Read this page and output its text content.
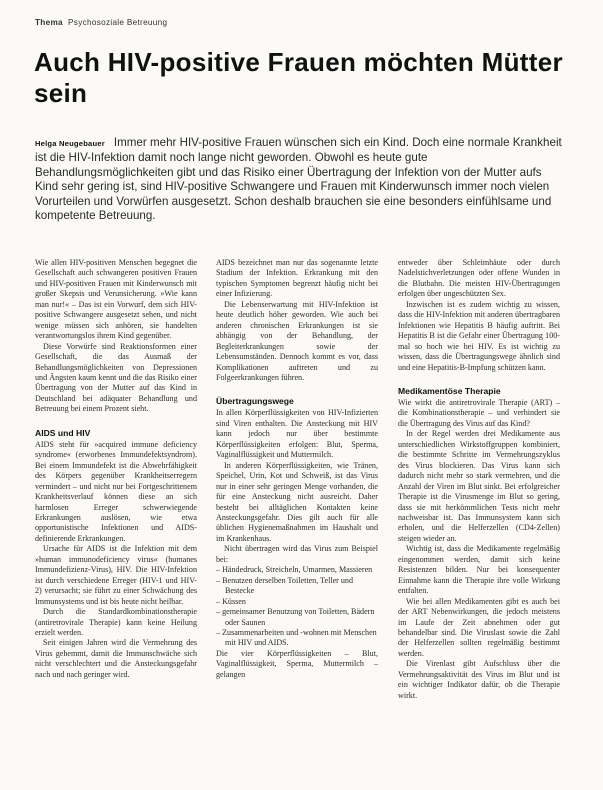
Thema Psychosoziale Betreuung
Auch HIV-positive Frauen möchten Mütter sein

Helga Neugebauer Immer mehr HIV-positive Frauen wünschen sich ein Kind. Doch eine normale Krankheit ist die HIV-Infektion damit noch lange nicht geworden. Obwohl es heute gute Behandlungsmöglichkeiten gibt und das Risiko einer Übertragung der Infektion von der Mutter aufs Kind sehr gering ist, sind HIV-positive Schwangere und Frauen mit Kinderwunsch immer noch vielen Vorurteilen und Vorwürfen ausgesetzt. Schon deshalb brauchen sie eine besonders einfühlsame und kompetente Betreuung.

Wie allen HIV-positiven Menschen begegnet die Gesellschaft auch schwangeren positiven Frauen und HIV-positiven Frauen mit Kinderwunsch mit großer Skepsis und Verunsicherung. »Wie kann man nur!« – Das ist ein Vorwurf, dem sich HIV-positive Schwangere ausgesetzt sehen, und nicht wenige müssen sich anhören, sie handelten verantwortungslos ihrem Kind gegenüber.

Diese Vorwürfe sind Reaktionsformen einer Gesellschaft, die das Ausmaß der Behandlungsmöglichkeiten von Depressionen und Ängsten kaum kennt und die das Risiko einer Übertragung von der Mutter auf das Kind in Deutschland bei adäquater Behandlung und Betreuung bei einem Prozent sieht.

AIDS und HIV

AIDS steht für »acquired immune deficiency syndrome« (erworbenes Immundefektsyndrom). Bei einem Immundefekt ist die Abwehrfähigkeit des Körpers gegenüber Krankheitserregern vermindert – und nicht nur bei Fortgeschrittenem Krankheitsverlauf können diese an sich harmlosen Erreger schwerwiegende Erkrankungen auslösen, wie etwa opportunistische Infektionen und AIDS-definierende Erkrankungen.

Ursache für AIDS ist die Infektion mit dem »human immunodeficiency virus« (humanes Immundefizienz-Virus), HIV. Die HIV-Infektion ist durch verschiedene Erreger (HIV-1 und HIV-2) verursacht; sie führt zu einer Schwächung des Immunsystems und ist bis heute nicht heilbar.

Durch die Standardkombinationstherapie (antiretrovirale Therapie) kann keine Heilung erzielt werden.

Seit einigen Jahren wird die Vermehrung des Virus gehemmt, damit die Immunschwäche sich nicht verschlechtert und die Ansteckungsgefahr nach und nach geringer wird.

AIDS bezeichnet man nur das sogenannte letzte Stadium der Infektion. Erkrankung mit den typischen Symptomen begrenzt häufig nicht bei einer Infizierung.

Die Lebenserwartung mit HIV-Infektion ist heute deutlich höher geworden. Wie auch bei anderen chronischen Erkrankungen ist sie abhängig von der Behandlung, der Begleiterkrankungen sowie der Lebensumständen. Dennoch kommt es vor, dass Komplikationen auftreten und zu Folgeerkrankungen führen.

Übertragungswege

In allen Körperflüssigkeiten von HIV-Infizierten sind Viren enthalten. Die Ansteckung mit HIV kann jedoch nur über bestimmte Körperflüssigkeiten erfolgen: Blut, Sperma, Vaginalflüssigkeit und Muttermilch.

In anderen Körperflüssigkeiten, wie Tränen, Speichel, Urin, Kot und Schweiß, ist das Virus nur in einer sehr geringen Menge vorhanden, die für eine Ansteckung nicht ausreicht. Daher besteht bei alltäglichen Kontakten keine Ansteckungsgefahr. Dies gilt auch für alle üblichen Hygienemaßnahmen im Haushalt und im Krankenhaus.

Nicht übertragen wird das Virus zum Beispiel bei:

– Händedruck, Streicheln, Umarmen, Massieren
– Benutzen derselben Toiletten, Teller und Bestecke
– Küssen
– gemeinsamer Benutzung von Toiletten, Bädern oder Saunen
– Zusammenarbeiten und -wohnen mit Menschen mit HIV und AIDS.

Die vier Körperflüssigkeiten – Blut, Vaginalflüssigkeit, Sperma, Muttermilch – gelangen

entweder über Schleimhäute oder durch Nadelstichverletzungen oder offene Wunden in die Blutbahn. Die meisten HIV-Übertragungen erfolgen über ungeschützten Sex.

Inzwischen ist es zudem wichtig zu wissen, dass die HIV-Infektion mit anderen übertragbaren Infektionen wie Hepatitis B häufig auftritt. Bei Hepatitis B ist die Gefahr einer Übertragung 100-mal so hoch wie bei HIV. Es ist wichtig zu wissen, dass die Übertragungswege ähnlich sind und eine Hepatitis-B-Impfung schützen kann.

Medikamentöse Therapie

Wie wirkt die antiretrovirale Therapie (ART) – die Kombinationstherapie – und verhindert sie die Übertragung des Virus auf das Kind?

In der Regel werden drei Medikamente aus unterschiedlichen Wirkstoffgruppen kombiniert, die bestimmte Schritte im Vermehrungszyklus des Virus blockieren. Das Virus kann sich dadurch nicht mehr so stark vermehren, und die Anzahl der Viren im Blut sinkt. Bei erfolgreicher Therapie ist die Virusmenge im Blut so gering, dass sie mit herkömmlichen Tests nicht mehr nachweisbar ist. Das Immunsystem kann sich erholen, und die Helferzellen (CD4-Zellen) steigen wieder an.

Wichtig ist, dass die Medikamente regelmäßig eingenommen werden, damit sich keine Resistenzen bilden. Nur bei konsequenter Einnahme kann die Therapie ihre volle Wirkung entfalten.

Wie bei allen Medikamenten gibt es auch bei der ART Nebenwirkungen, die jedoch meistens im Laufe der Zeit abnehmen oder gut behandelbar sind. Die Viruslast sowie die Zahl der Helferzellen sollten regelmäßig bestimmt werden.

Die Virenlast gibt Aufschluss über die Vermehrungsaktivität des Virus im Blut und ist ein wichtiger Indikator dafür, ob die Therapie wirkt.
